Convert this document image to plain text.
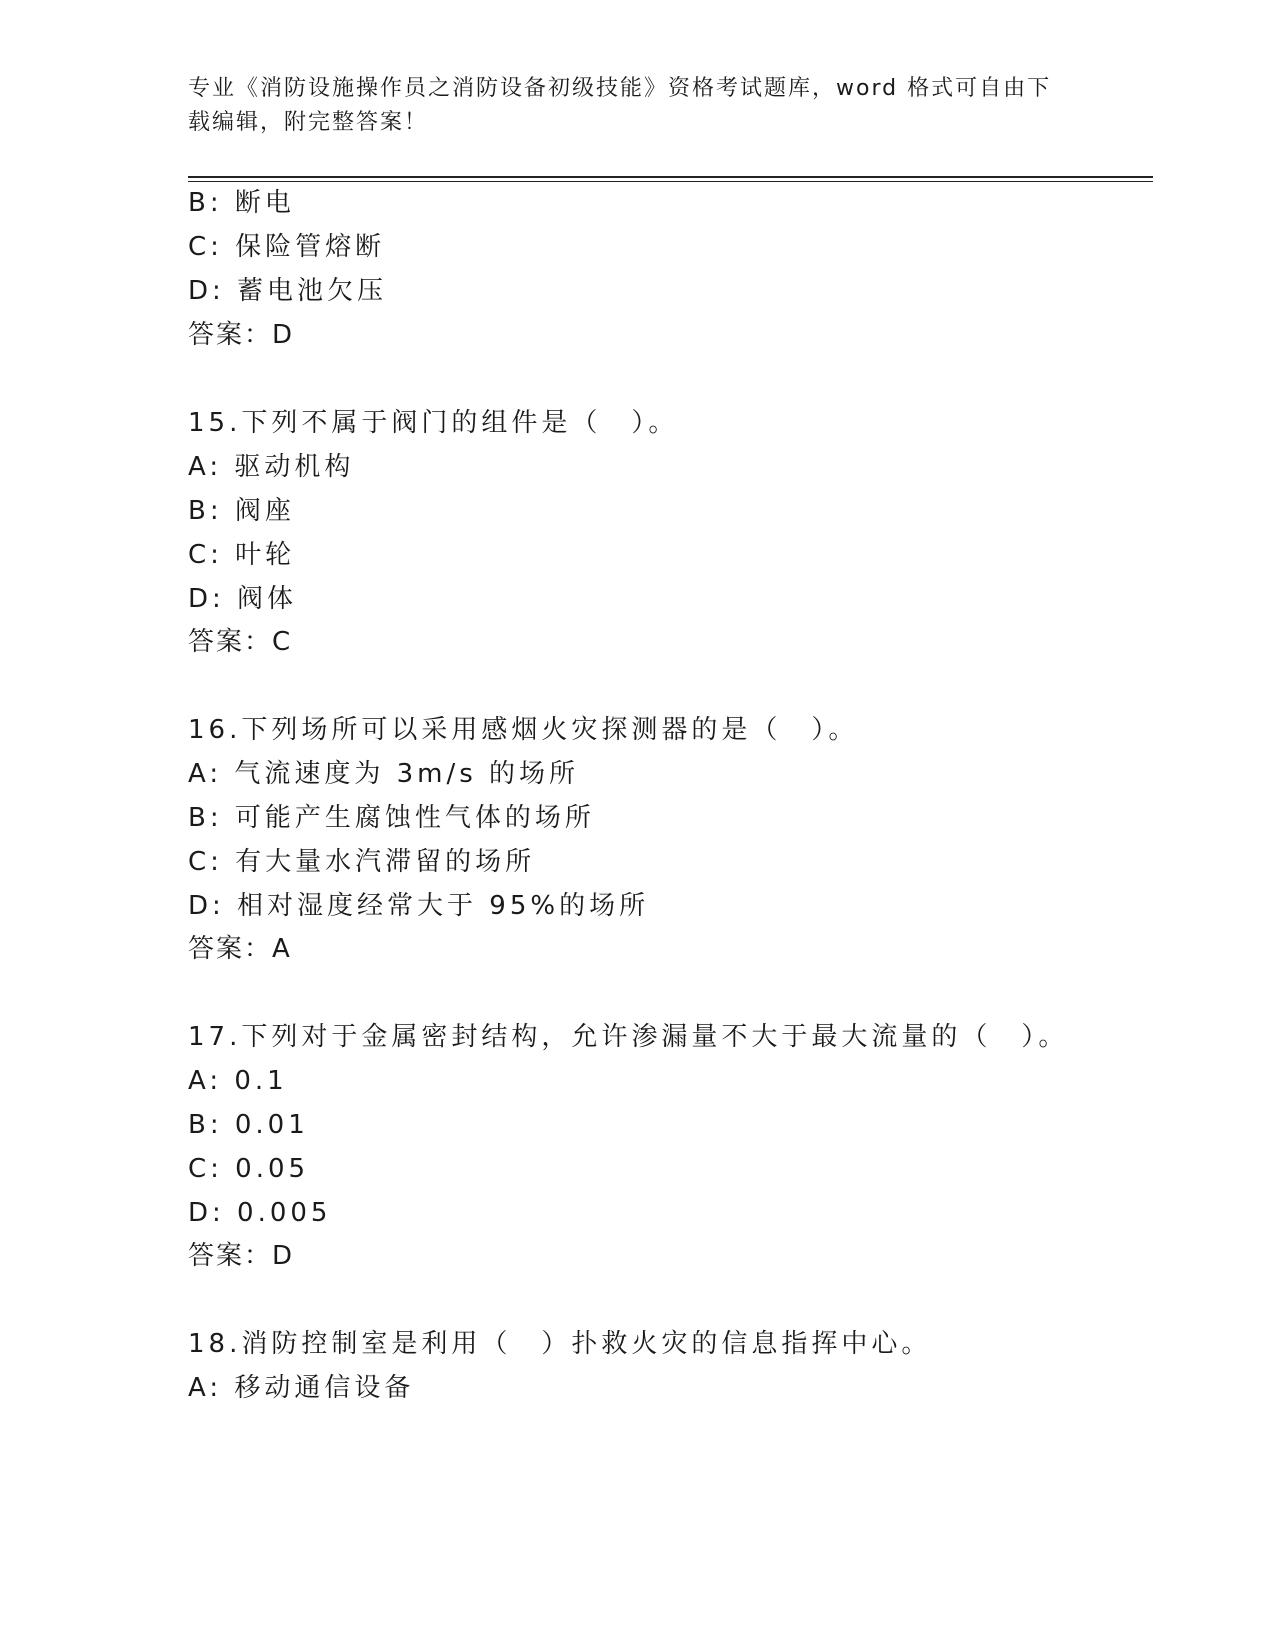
专业《消防设施操作员之消防设备初级技能》资格考试题库，word 格式可自由下
载编辑，附完整答案！
B: 断电
C: 保险管熔断
D: 蓄电池欠压
答案：D
15.下列不属于阀门的组件是（　）。
A: 驱动机构
B: 阀座
C: 叶轮
D: 阀体
答案：C
16.下列场所可以采用感烟火灾探测器的是（　）。
A: 气流速度为 3m/s 的场所
B: 可能产生腐蚀性气体的场所
C: 有大量水汽滞留的场所
D: 相对湿度经常大于 95%的场所
答案：A
17.下列对于金属密封结构，允许渗漏量不大于最大流量的（　）。
A: 0.1
B: 0.01
C: 0.05
D: 0.005
答案：D
18.消防控制室是利用（　）扑救火灾的信息指挥中心。
A: 移动通信设备
